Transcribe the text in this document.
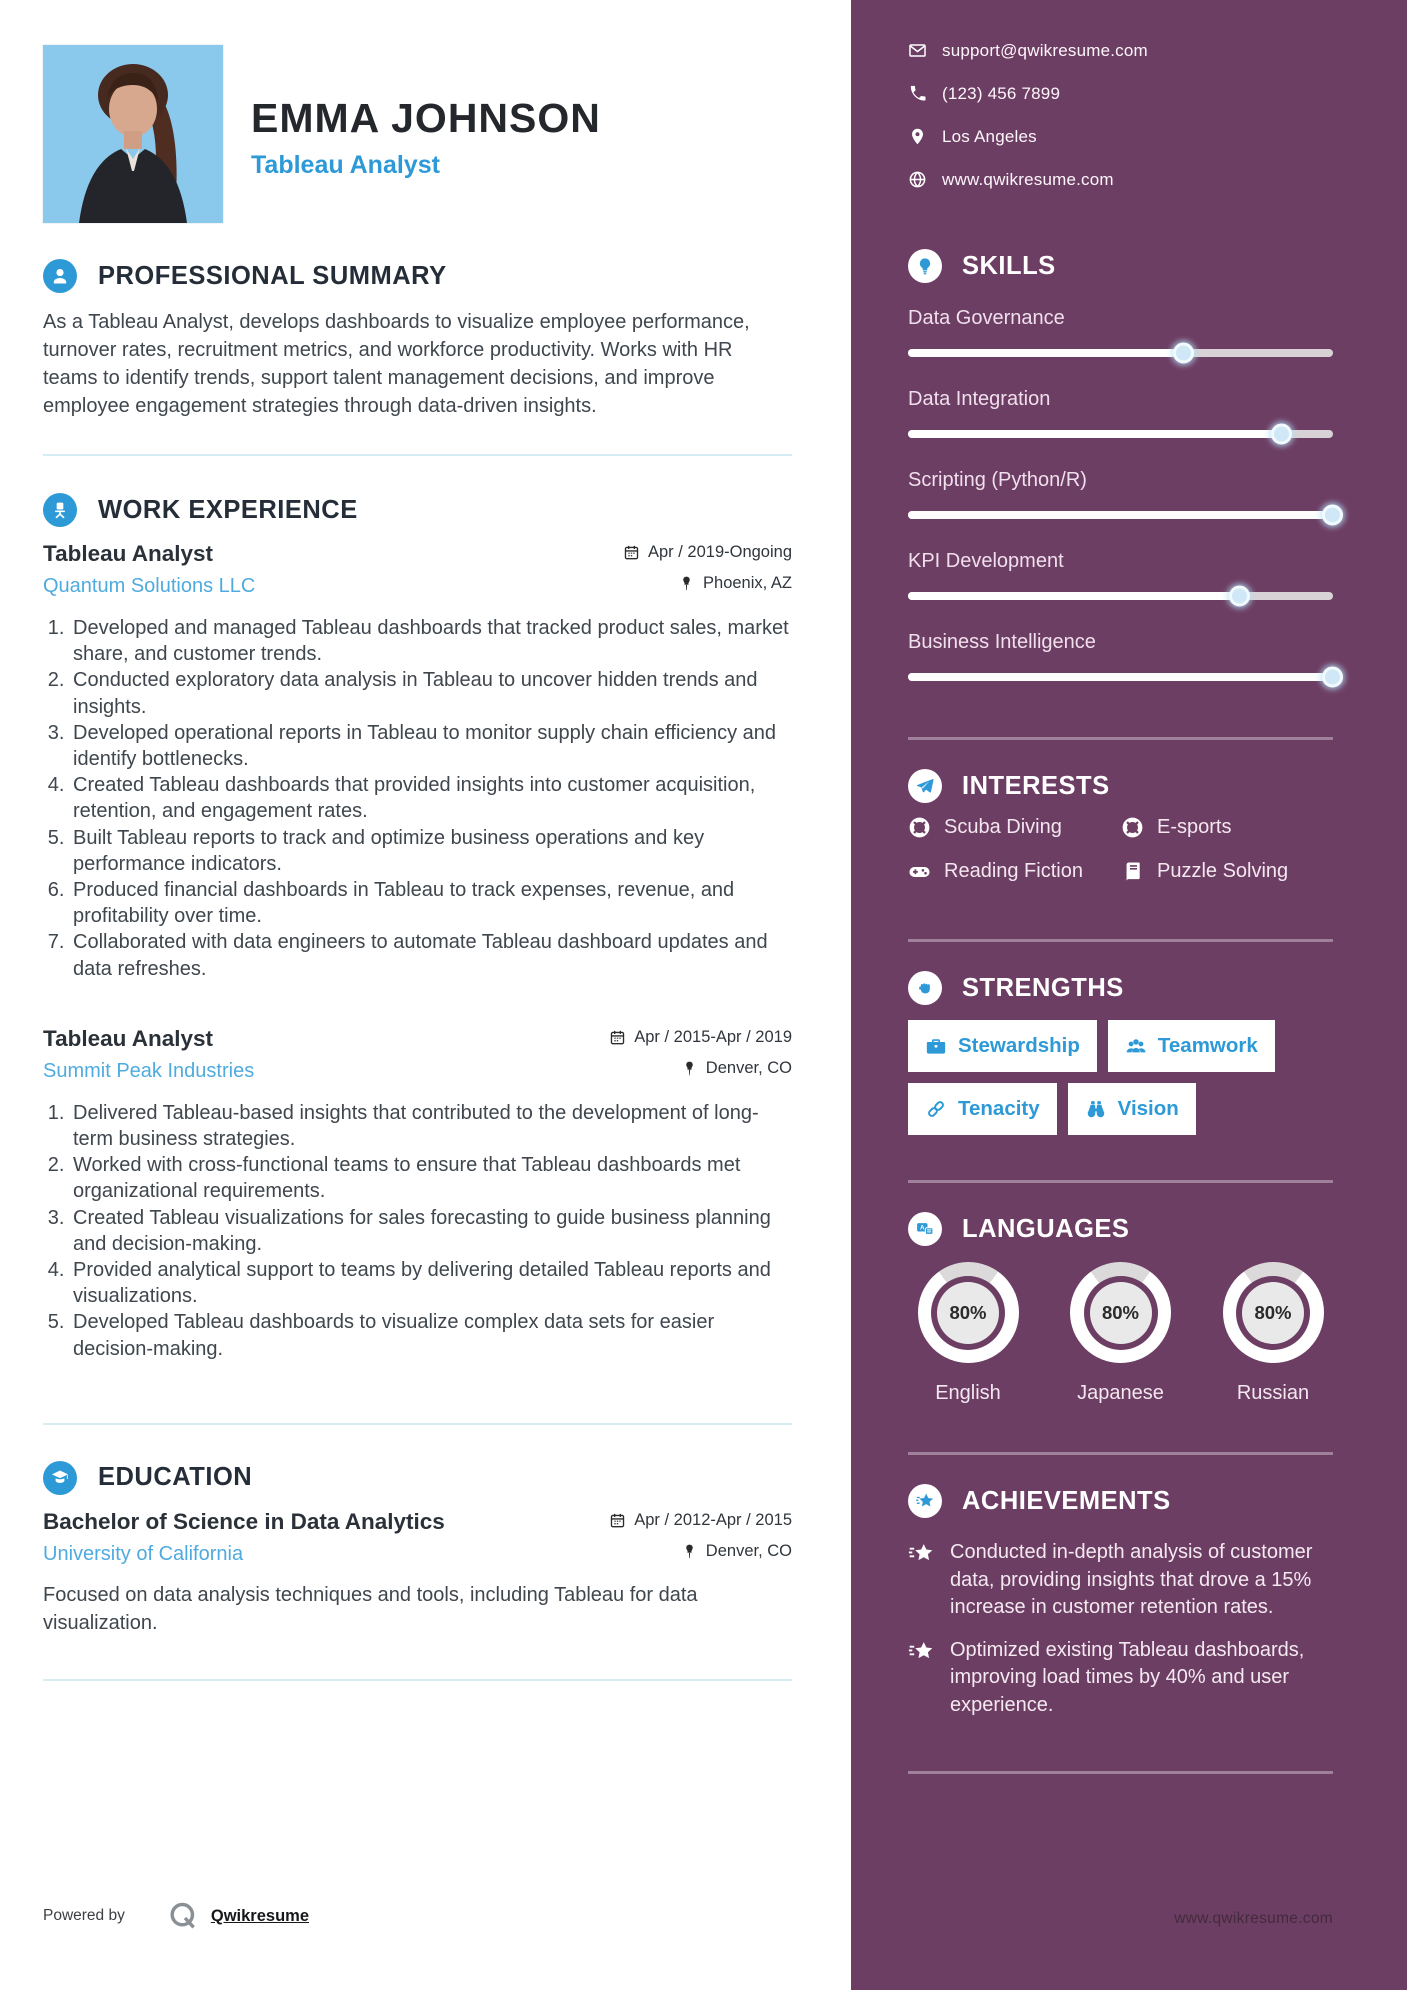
EMMA JOHNSON
Tableau Analyst
PROFESSIONAL SUMMARY

As a Tableau Analyst, develops dashboards to visualize employee performance, turnover rates, recruitment metrics, and workforce productivity. Works with HR teams to identify trends, support talent management decisions, and improve employee engagement strategies through data-driven insights.

WORK EXPERIENCE
Tableau Analyst	Apr / 2019-Ongoing
Quantum Solutions LLC	Phoenix, AZ
1. Developed and managed Tableau dashboards that tracked product sales, market share, and customer trends.
2. Conducted exploratory data analysis in Tableau to uncover hidden trends and insights.
3. Developed operational reports in Tableau to monitor supply chain efficiency and identify bottlenecks.
4. Created Tableau dashboards that provided insights into customer acquisition, retention, and engagement rates.
5. Built Tableau reports to track and optimize business operations and key performance indicators.
6. Produced financial dashboards in Tableau to track expenses, revenue, and profitability over time.
7. Collaborated with data engineers to automate Tableau dashboard updates and data refreshes.
Tableau Analyst	Apr / 2015-Apr / 2019
Summit Peak Industries	Denver, CO
1. Delivered Tableau-based insights that contributed to the development of long-term business strategies.
2. Worked with cross-functional teams to ensure that Tableau dashboards met organizational requirements.
3. Created Tableau visualizations for sales forecasting to guide business planning and decision-making.
4. Provided analytical support to teams by delivering detailed Tableau reports and visualizations.
5. Developed Tableau dashboards to visualize complex data sets for easier decision-making.
EDUCATION
Bachelor of Science in Data Analytics	Apr / 2012-Apr / 2015
University of California	Denver, CO

Focused on data analysis techniques and tools, including Tableau for data visualization.

Powered by	Qwikresume
support@qwikresume.com
(123) 456 7899
Los Angeles
www.qwikresume.com
SKILLS
Data Governance
Data Integration
Scripting (Python/R)
KPI Development
Business Intelligence
INTERESTS
Scuba Diving	E-sports
Reading Fiction	Puzzle Solving
STRENGTHS
Stewardship	Teamwork
Tenacity	Vision
A LANGUAGES
80%
English
80%
Japanese
80%
Russian
ACHIEVEMENTS
Conducted in-depth analysis of customer data, providing insights that drove a 15% increase in customer retention rates.
Optimized existing Tableau dashboards, improving load times by 40% and user experience.
www.qwikresume.com
